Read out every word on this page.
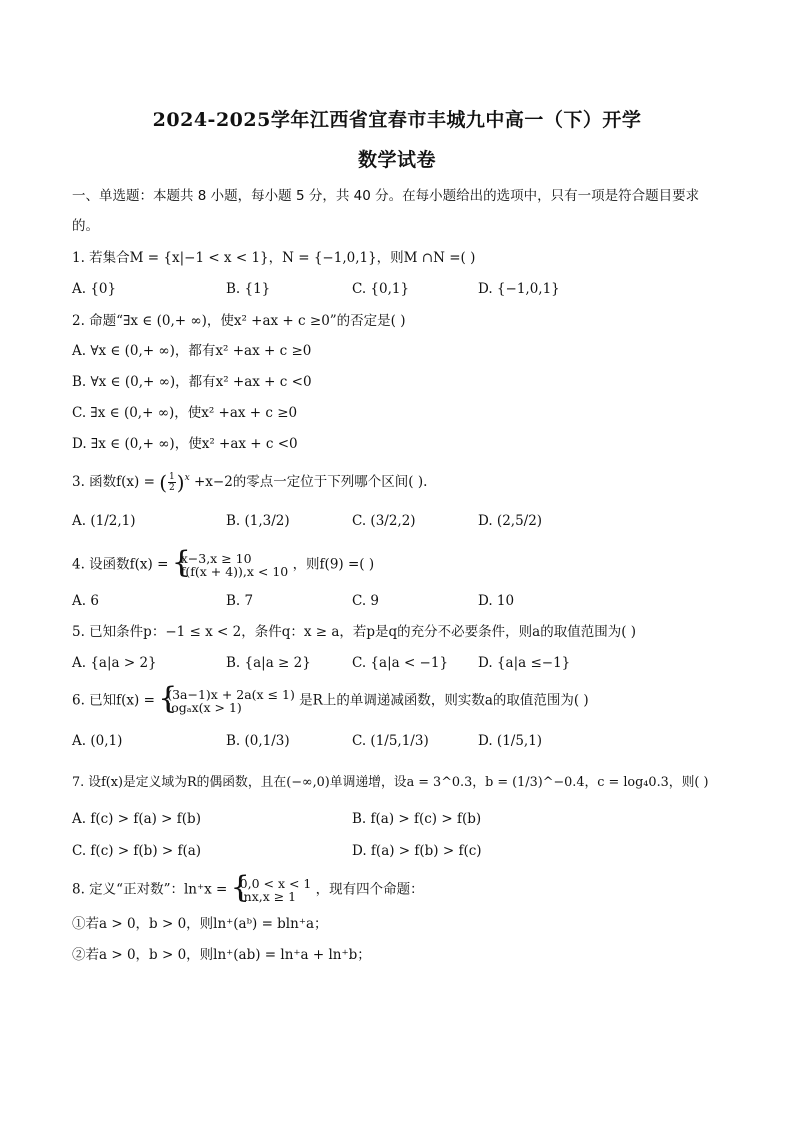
2024-2025学年江西省宜春市丰城九中高一（下）开学
数学试卷
一、单选题：本题共 8 小题，每小题 5 分，共 40 分。在每小题给出的选项中，只有一项是符合题目要求
的。
1. 若集合M = {x|−1 < x < 1}，N = {−1,0,1}，则M ∩N =( )
A. {0}	B. {1}	C. {0,1}	D. {−1,0,1}
2. 命题“∃x ∈ (0,+ ∞)，使x² +ax + c ≥0”的否定是( )
A. ∀x ∈ (0,+ ∞)，都有x² +ax + c ≥0
B. ∀x ∈ (0,+ ∞)，都有x² +ax + c <0
C. ∃x ∈ (0,+ ∞)，使x² +ax + c ≥0
D. ∃x ∈ (0,+ ∞)，使x² +ax + c <0
3. 函数f(x) = ( $\frac{1}{2} )^x +x-2$的零点一定位于下列哪个区间( ).
A. (1/2,1)	B. (1,3/2)	C. (3/2,2)	D. (2,5/2)
4. 设函数f(x) = { x−3,x ≥ 10
f(f(x + 4)),x < 10 ，则f(9) =( )
A. 6	B. 7	C. 9	D. 10
5. 已知条件p：−1 ≤ x < 2，条件q：x ≥ a，若p是q的充分不必要条件，则a的取值范围为( )
A. {a|a > 2}	B. {a|a ≥ 2}	C. {a|a < −1} D. {a|a ≤−1}
6. 已知f(x) = { (3a−1)x + 2a(x ≤ 1)
logₐx(x > 1)	是R上的单调递减函数，则实数a的取值范围为( )
A. (0,1)	B. (0,1/3)	C. (1/5,1/3)	D. (1/5,1)
7. 设f(x)是定义域为R的偶函数，且在(−∞,0)单调递增，设a = 3^0.3，b = (1/3)^−0.4，c = log₄0.3，则( )
A. f(c) > f(a) > f(b)	B. f(a) > f(c) > f(b)
C. f(c) > f(b) > f(a)	D. f(a) > f(b) > f(c)
8. 定义“正对数”：ln⁺x = { 0,0 < x < 1
lnx,x ≥ 1	，现有四个命题：
①若a > 0，b > 0，则ln⁺(aᵇ) = bln⁺a；
②若a > 0，b > 0，则ln⁺(ab) = ln⁺a + ln⁺b；
